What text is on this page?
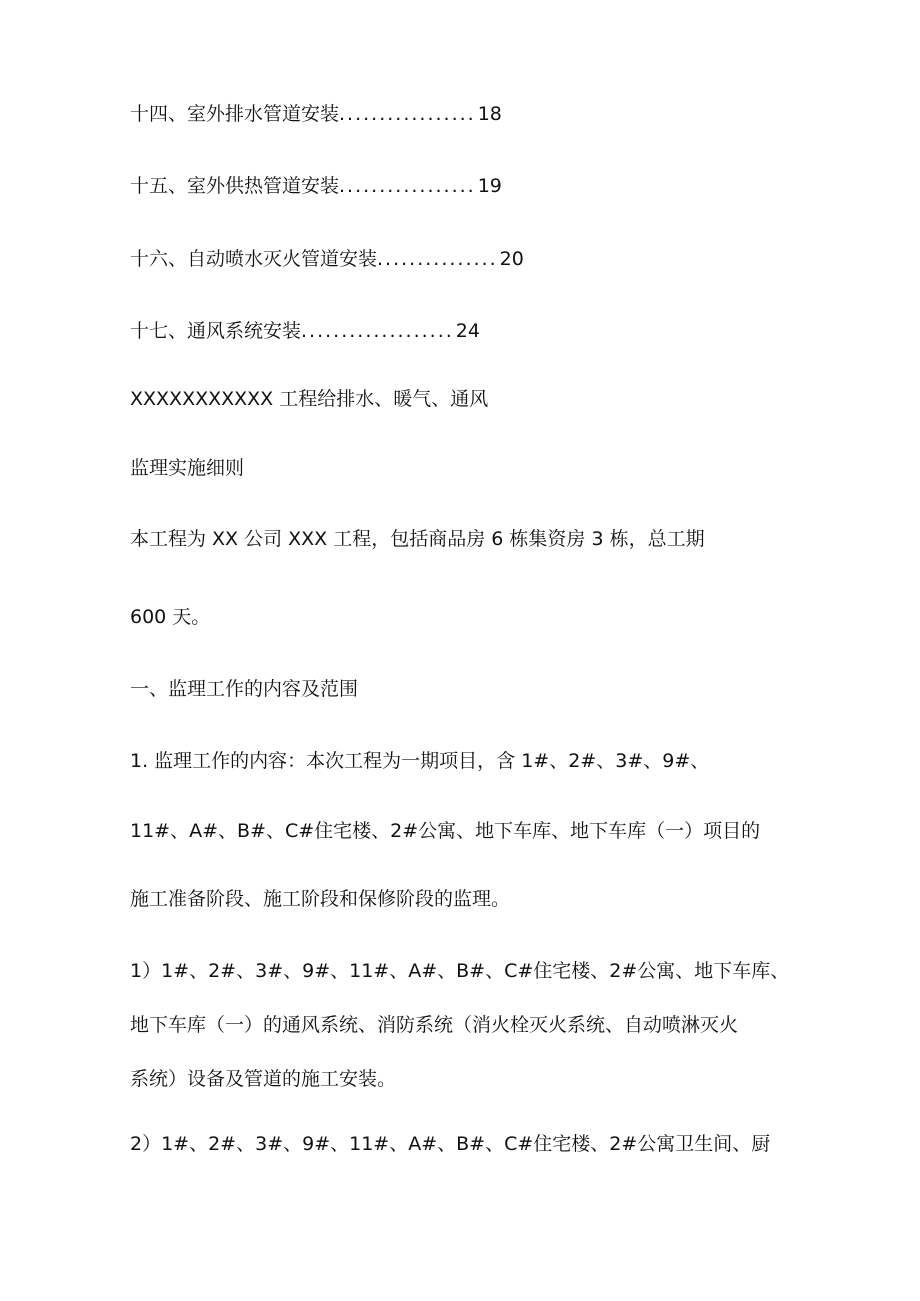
十四、室外排水管道安装................. 18
十五、室外供热管道安装................. 19
十六、自动喷水灭火管道安装............... 20
十七、通风系统安装................... 24
XXXXXXXXXXX 工程给排水、暖气、通风
监理实施细则
本工程为 XX 公司 XXX 工程，包括商品房 6 栋集资房 3 栋，总工期
600 天。
一、监理工作的内容及范围
1. 监理工作的内容：本次工程为一期项目，含 1#、2#、3#、9#、
11#、A#、B#、C#住宅楼、2#公寓、地下车库、地下车库（一）项目的
施工准备阶段、施工阶段和保修阶段的监理。
1）1#、2#、3#、9#、11#、A#、B#、C#住宅楼、2#公寓、地下车库、
地下车库（一）的通风系统、消防系统（消火栓灭火系统、自动喷淋灭火
系统）设备及管道的施工安装。
2）1#、2#、3#、9#、11#、A#、B#、C#住宅楼、2#公寓卫生间、厨
